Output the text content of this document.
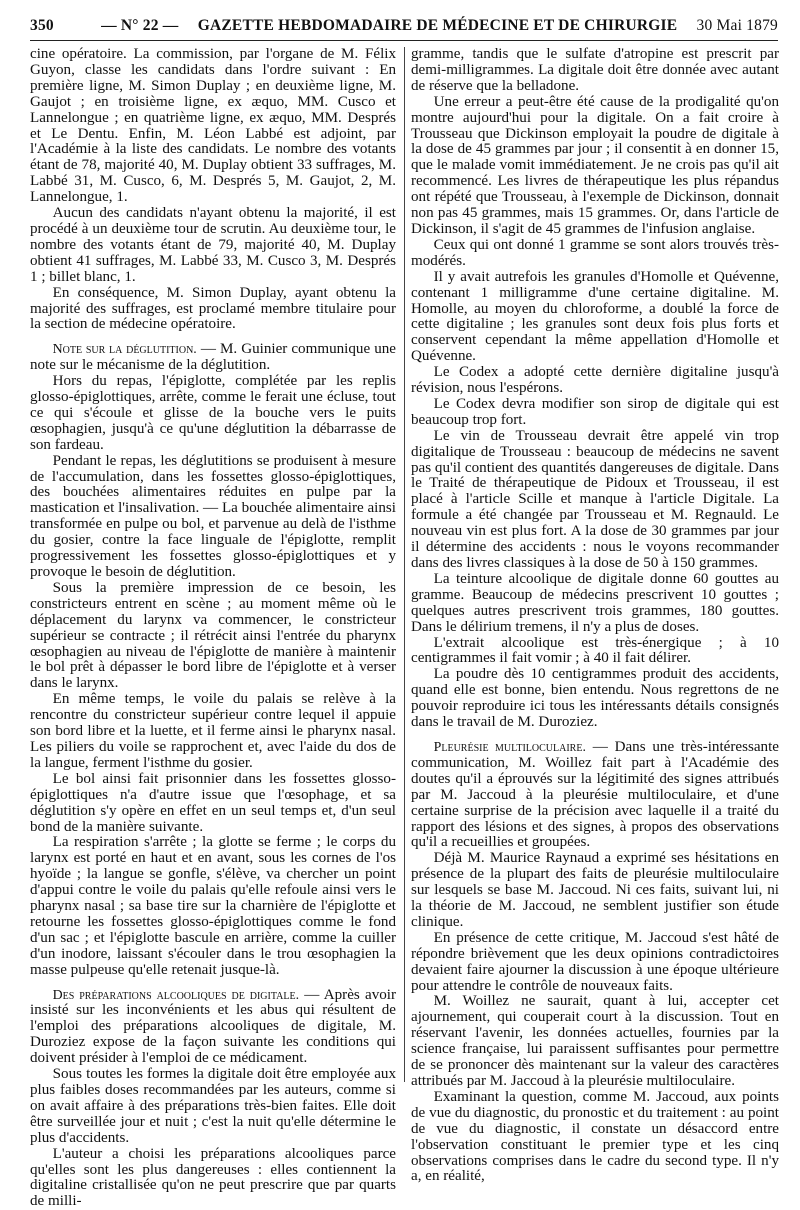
350	— N° 22 — GAZETTE HEBDOMADAIRE DE MÉDECINE ET DE CHIRURGIE 30 Mai 1879

cine opératoire. La commission, par l'organe de M. Félix Guyon, classe les candidats dans l'ordre suivant : En première ligne, M. Simon Duplay ; en deuxième ligne, M. Gaujot ; en troisième ligne, ex æquo, MM. Cusco et Lannelongue ; en quatrième ligne, ex æquo, MM. Després et Le Dentu. Enfin, M. Léon Labbé est adjoint, par l'Académie à la liste des candidats. Le nombre des votants étant de 78, majorité 40, M. Duplay obtient 33 suffrages, M. Labbé 31, M. Cusco, 6, M. Després 5, M. Gaujot, 2, M. Lannelongue, 1.

Aucun des candidats n'ayant obtenu la majorité, il est procédé à un deuxième tour de scrutin. Au deuxième tour, le nombre des votants étant de 79, majorité 40, M. Duplay obtient 41 suffrages, M. Labbé 33, M. Cusco 3, M. Després 1 ; billet blanc, 1.

En conséquence, M. Simon Duplay, ayant obtenu la majorité des suffrages, est proclamé membre titulaire pour la section de médecine opératoire.

Note sur la déglutition. — M. Guinier communique une note sur le mécanisme de la déglutition.

Hors du repas, l'épiglotte, complétée par les replis glosso-épiglottiques, arrête, comme le ferait une écluse, tout ce qui s'écoule et glisse de la bouche vers le puits œsophagien, jusqu'à ce qu'une déglutition la débarrasse de son fardeau.

Pendant le repas, les déglutitions se produisent à mesure de l'accumulation, dans les fossettes glosso-épiglottiques, des bouchées alimentaires réduites en pulpe par la mastication et l'insalivation. — La bouchée alimentaire ainsi transformée en pulpe ou bol, et parvenue au delà de l'isthme du gosier, contre la face linguale de l'épiglotte, remplit progressivement les fossettes glosso-épiglottiques et y provoque le besoin de déglutition.

Sous la première impression de ce besoin, les constricteurs entrent en scène ; au moment même où le déplacement du larynx va commencer, le constricteur supérieur se contracte ; il rétrécit ainsi l'entrée du pharynx œsophagien au niveau de l'épiglotte de manière à maintenir le bol prêt à dépasser le bord libre de l'épiglotte et à verser dans le larynx.

En même temps, le voile du palais se relève à la rencontre du constricteur supérieur contre lequel il appuie son bord libre et la luette, et il ferme ainsi le pharynx nasal. Les piliers du voile se rapprochent et, avec l'aide du dos de la langue, ferment l'isthme du gosier.

Le bol ainsi fait prisonnier dans les fossettes glosso-épiglottiques n'a d'autre issue que l'œsophage, et sa déglutition s'y opère en effet en un seul temps et, d'un seul bond de la manière suivante.

La respiration s'arrête ; la glotte se ferme ; le corps du larynx est porté en haut et en avant, sous les cornes de l'os hyoïde ; la langue se gonfle, s'élève, va chercher un point d'appui contre le voile du palais qu'elle refoule ainsi vers le pharynx nasal ; sa base tire sur la charnière de l'épiglotte et retourne les fossettes glosso-épiglottiques comme le fond d'un sac ; et l'épiglotte bascule en arrière, comme la cuiller d'un inodore, laissant s'écouler dans le trou œsophagien la masse pulpeuse qu'elle retenait jusque-là.

Des préparations alcooliques de digitale. — Après avoir insisté sur les inconvénients et les abus qui résultent de l'emploi des préparations alcooliques de digitale, M. Duroziez expose de la façon suivante les conditions qui doivent présider à l'emploi de ce médicament.

Sous toutes les formes la digitale doit être employée aux plus faibles doses recommandées par les auteurs, comme si on avait affaire à des préparations très-bien faites. Elle doit être surveillée jour et nuit ; c'est la nuit qu'elle détermine le plus d'accidents.

L'auteur a choisi les préparations alcooliques parce qu'elles sont les plus dangereuses : elles contiennent la digitaline cristallisée qu'on ne peut prescrire que par quarts de milli-

gramme, tandis que le sulfate d'atropine est prescrit par demi-milligrammes. La digitale doit être donnée avec autant de réserve que la belladone.

Une erreur a peut-être été cause de la prodigalité qu'on montre aujourd'hui pour la digitale. On a fait croire à Trousseau que Dickinson employait la poudre de digitale à la dose de 45 grammes par jour ; il consentit à en donner 15, que le malade vomit immédiatement. Je ne crois pas qu'il ait recommencé. Les livres de thérapeutique les plus répandus ont répété que Trousseau, à l'exemple de Dickinson, donnait non pas 45 grammes, mais 15 grammes. Or, dans l'article de Dickinson, il s'agit de 45 grammes de l'infusion anglaise.

Ceux qui ont donné 1 gramme se sont alors trouvés très-modérés.

Il y avait autrefois les granules d'Homolle et Quévenne, contenant 1 milligramme d'une certaine digitaline. M. Homolle, au moyen du chloroforme, a doublé la force de cette digitaline ; les granules sont deux fois plus forts et conservent cependant la même appellation d'Homolle et Quévenne.

Le Codex a adopté cette dernière digitaline jusqu'à révision, nous l'espérons.

Le Codex devra modifier son sirop de digitale qui est beaucoup trop fort.

Le vin de Trousseau devrait être appelé vin trop digitalique de Trousseau : beaucoup de médecins ne savent pas qu'il contient des quantités dangereuses de digitale. Dans le Traité de thérapeutique de Pidoux et Trousseau, il est placé à l'article Scille et manque à l'article Digitale. La formule a été changée par Trousseau et M. Regnauld. Le nouveau vin est plus fort. A la dose de 30 grammes par jour il détermine des accidents : nous le voyons recommander dans des livres classiques à la dose de 50 à 150 grammes.

La teinture alcoolique de digitale donne 60 gouttes au gramme. Beaucoup de médecins prescrivent 10 gouttes ; quelques autres prescrivent trois grammes, 180 gouttes. Dans le délirium tremens, il n'y a plus de doses.

L'extrait alcoolique est très-énergique ; à 10 centigrammes il fait vomir ; à 40 il fait délirer.

La poudre dès 10 centigrammes produit des accidents, quand elle est bonne, bien entendu. Nous regrettons de ne pouvoir reproduire ici tous les intéressants détails consignés dans le travail de M. Duroziez.

Pleurésie multiloculaire. — Dans une très-intéressante communication, M. Woillez fait part à l'Académie des doutes qu'il a éprouvés sur la légitimité des signes attribués par M. Jaccoud à la pleurésie multiloculaire, et d'une certaine surprise de la précision avec laquelle il a traité du rapport des lésions et des signes, à propos des observations qu'il a recueillies et groupées.

Déjà M. Maurice Raynaud a exprimé ses hésitations en présence de la plupart des faits de pleurésie multiloculaire sur lesquels se base M. Jaccoud. Ni ces faits, suivant lui, ni la théorie de M. Jaccoud, ne semblent justifier son étude clinique.

En présence de cette critique, M. Jaccoud s'est hâté de répondre brièvement que les deux opinions contradictoires devaient faire ajourner la discussion à une époque ultérieure pour attendre le contrôle de nouveaux faits.

M. Woillez ne saurait, quant à lui, accepter cet ajournement, qui couperait court à la discussion. Tout en réservant l'avenir, les données actuelles, fournies par la science française, lui paraissent suffisantes pour permettre de se prononcer dès maintenant sur la valeur des caractères attribués par M. Jaccoud à la pleurésie multiloculaire.

Examinant la question, comme M. Jaccoud, aux points de vue du diagnostic, du pronostic et du traitement : au point de vue du diagnostic, il constate un désaccord entre l'observation constituant le premier type et les cinq observations comprises dans le cadre du second type. Il n'y a, en réalité,
